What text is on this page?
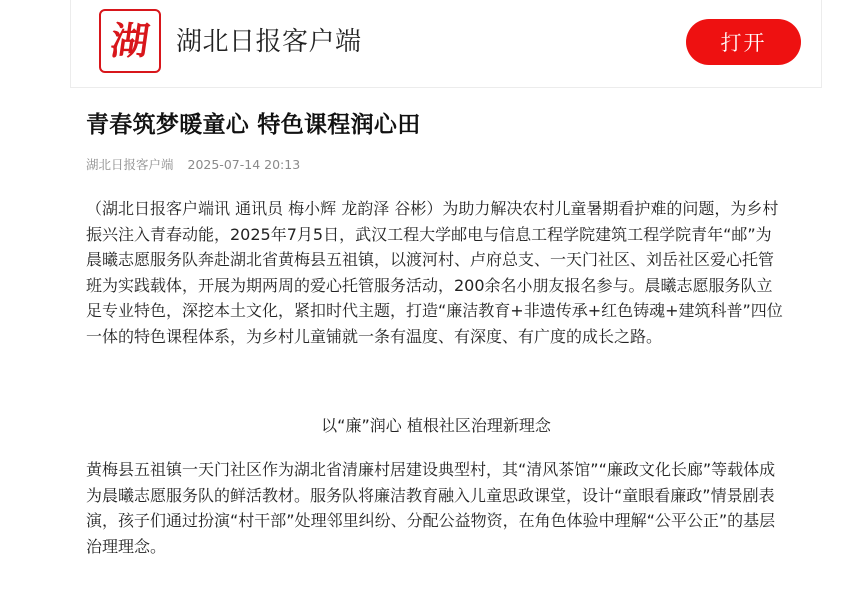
湖 湖北日报客户端	打开
青春筑梦暖童心 特色课程润心田
湖北日报客户端 2025-07-14 20:13

（湖北日报客户端讯 通讯员 梅小辉 龙韵泽 谷彬）为助力解决农村儿童暑期看护难的问题，为乡村振兴注入青春动能，2025年7月5日，武汉工程大学邮电与信息工程学院建筑工程学院青年“邮”为晨曦志愿服务队奔赴湖北省黄梅县五祖镇，以渡河村、卢府总支、一天门社区、刘岳社区爱心托管班为实践载体，开展为期两周的爱心托管服务活动，200余名小朋友报名参与。晨曦志愿服务队立足专业特色，深挖本土文化，紧扣时代主题，打造“廉洁教育+非遗传承+红色铸魂+建筑科普”四位一体的特色课程体系，为乡村儿童铺就一条有温度、有深度、有广度的成长之路。

以“廉”润心 植根社区治理新理念

黄梅县五祖镇一天门社区作为湖北省清廉村居建设典型村，其“清风茶馆”“廉政文化长廊”等载体成为晨曦志愿服务队的鲜活教材。服务队将廉洁教育融入儿童思政课堂，设计“童眼看廉政”情景剧表演，孩子们通过扮演“村干部”处理邻里纠纷、分配公益物资，在角色体验中理解“公平公正”的基层治理理念。
